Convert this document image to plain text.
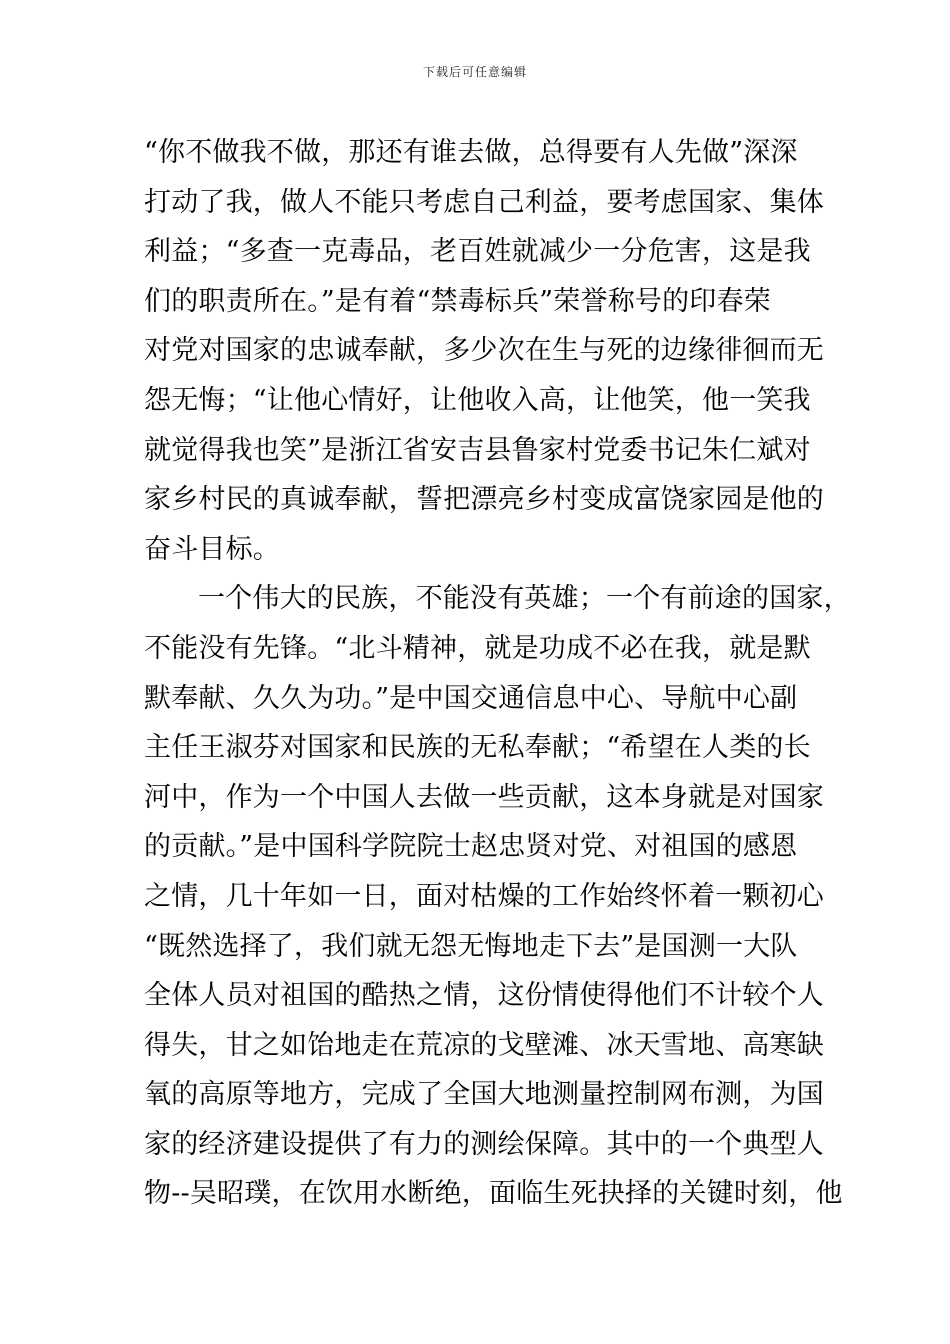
下载后可任意编辑
“你不做我不做，那还有谁去做，总得要有人先做”深深
打动了我，做人不能只考虑自己利益，要考虑国家、集体
利益；“多查一克毒品，老百姓就减少一分危害，这是我
们的职责所在。”是有着“禁毒标兵”荣誉称号的印春荣
对党对国家的忠诚奉献，多少次在生与死的边缘徘徊而无
怨无悔；“让他心情好，让他收入高，让他笑，他一笑我
就觉得我也笑”是浙江省安吉县鲁家村党委书记朱仁斌对
家乡村民的真诚奉献，誓把漂亮乡村变成富饶家园是他的
奋斗目标。
一个伟大的民族，不能没有英雄；一个有前途的国家，
不能没有先锋。“北斗精神，就是功成不必在我，就是默
默奉献、久久为功。”是中国交通信息中心、导航中心副
主任王淑芬对国家和民族的无私奉献；“希望在人类的长
河中，作为一个中国人去做一些贡献，这本身就是对国家
的贡献。”是中国科学院院士赵忠贤对党、对祖国的感恩
之情，几十年如一日，面对枯燥的工作始终怀着一颗初心
“既然选择了，我们就无怨无悔地走下去”是国测一大队
全体人员对祖国的酷热之情，这份情使得他们不计较个人
得失，甘之如饴地走在荒凉的戈壁滩、冰天雪地、高寒缺
氧的高原等地方，完成了全国大地测量控制网布测，为国
家的经济建设提供了有力的测绘保障。其中的一个典型人
物--吴昭璞，在饮用水断绝，面临生死抉择的关键时刻，他
